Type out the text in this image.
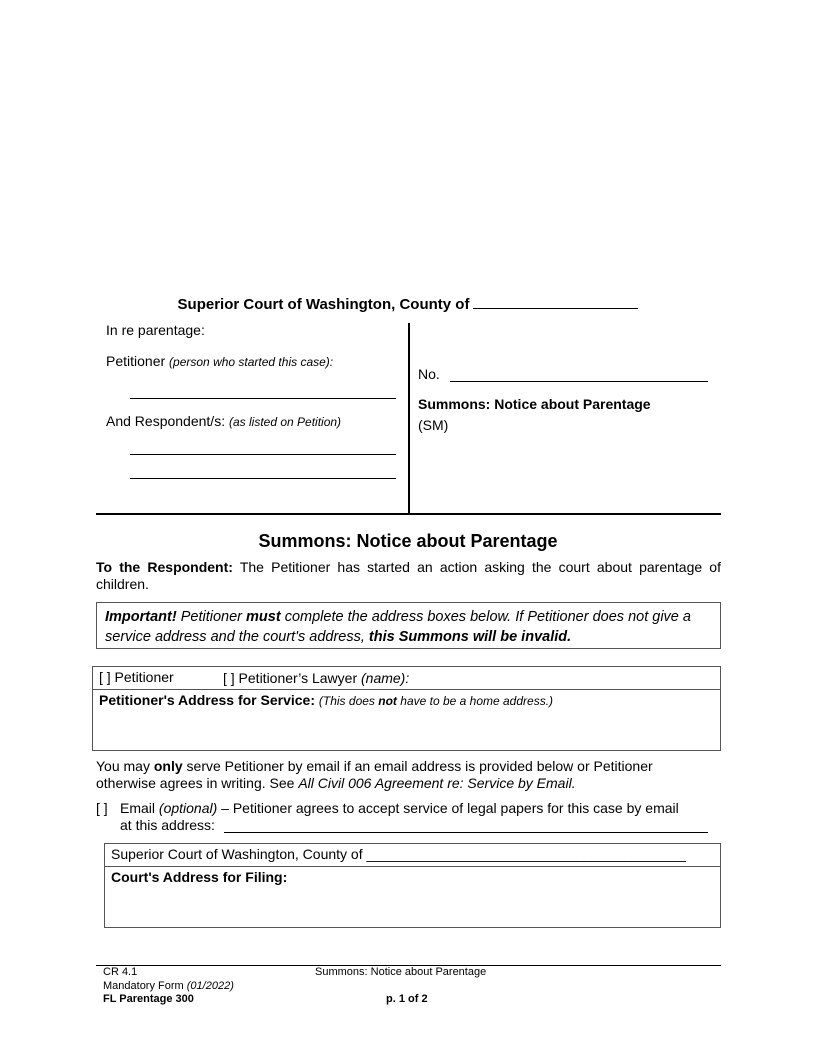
Superior Court of Washington, County of
In re parentage:
Petitioner (person who started this case):
And Respondent/s: (as listed on Petition)
No.
Summons: Notice about Parentage
(SM)
Summons: Notice about Parentage
To the Respondent: The Petitioner has started an action asking the court about parentage of children.
Important! Petitioner must complete the address boxes below. If Petitioner does not give a service address and the court's address, this Summons will be invalid.
[ ] Petitioner	[ ] Petitioner’s Lawyer (name):
Petitioner's Address for Service: (This does not have to be a home address.)
You may only serve Petitioner by email if an email address is provided below or Petitioner otherwise agrees in writing. See All Civil 006 Agreement re: Service by Email.
[ ] Email (optional) – Petitioner agrees to accept service of legal papers for this case by email
at this address:
Superior Court of Washington, County of _________________________________________
Court's Address for Filing:
CR 4.1
Mandatory Form (01/2022)
FL Parentage 300
Summons: Notice about Parentage
p. 1 of 2
